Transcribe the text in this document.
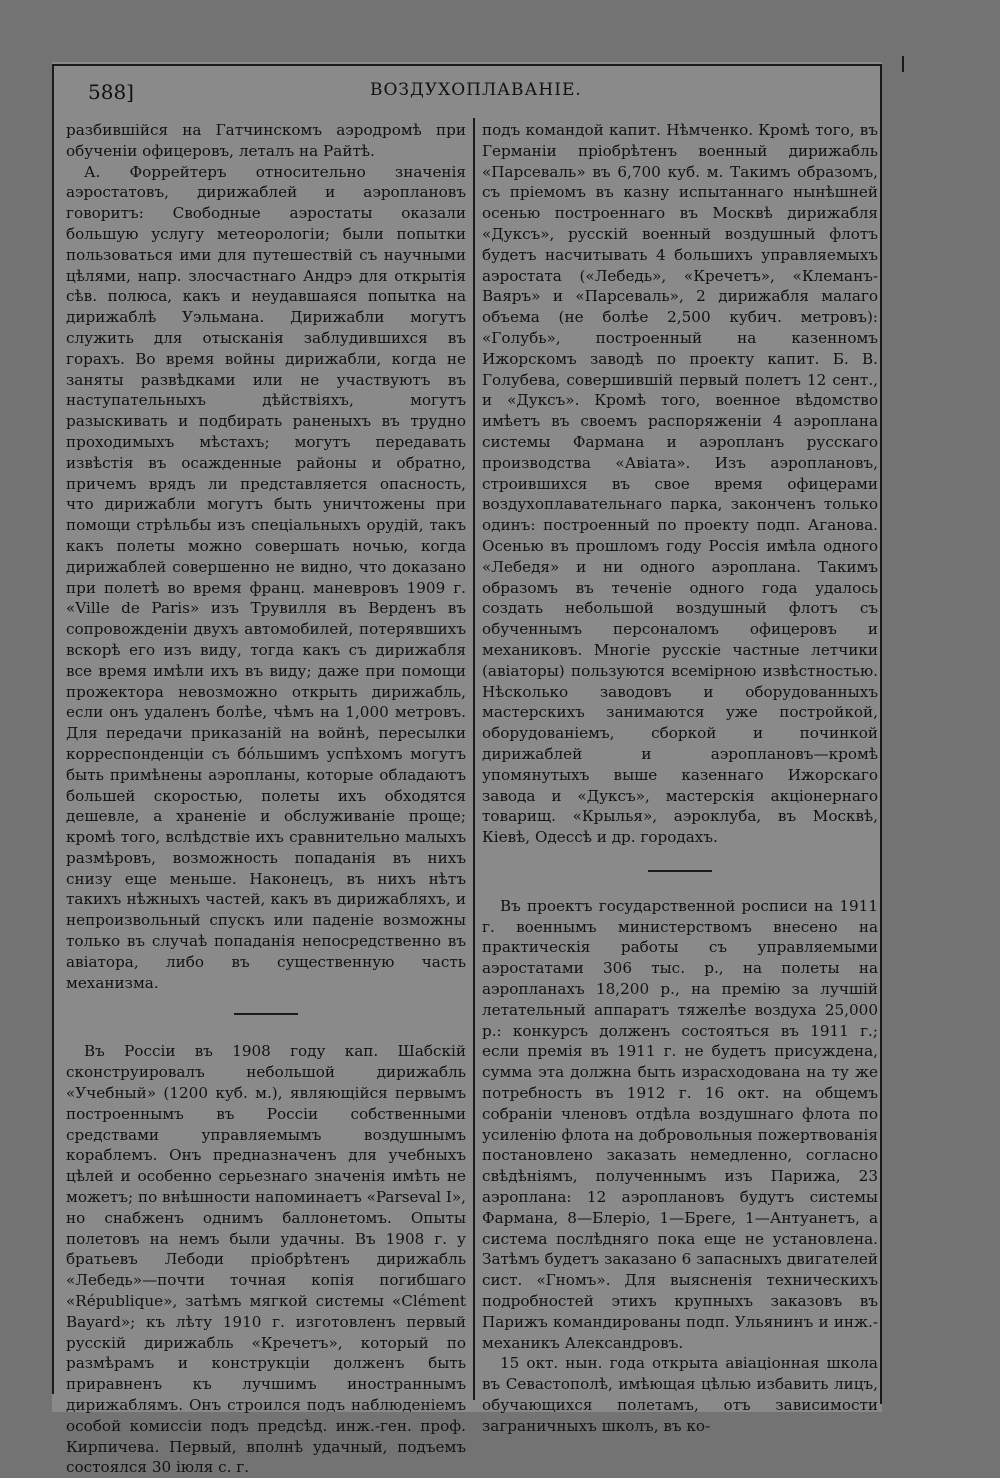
588]	ВОЗДУХОПЛАВАНІЕ.

разбившійся на Гатчинскомъ аэродромѣ при обученіи офицеровъ, леталъ на Райтѣ.

А. Форрейтеръ относительно значенія аэростатовъ, дирижаблей и аэроплановъ говоритъ: Свободные аэростаты оказали большую услугу метеорологіи; были попытки пользоваться ими для путешествій съ научными цѣлями, напр. злосчастнаго Андрэ для открытія сѣв. полюса, какъ и неудавшаяся попытка на дирижаблѣ Уэльмана. Дирижабли могутъ служить для отысканія заблудившихся въ горахъ. Во время войны дирижабли, когда не заняты развѣдками или не участвуютъ въ наступательныхъ дѣйствіяхъ, могутъ разыскивать и подбирать раненыхъ въ трудно проходимыхъ мѣстахъ; могутъ передавать извѣстія въ осажденные районы и обратно, причемъ врядъ ли представляется опасность, что дирижабли могутъ быть уничтожены при помощи стрѣльбы изъ спеціальныхъ орудій, такъ какъ полеты можно совершать ночью, когда дирижаблей совершенно не видно, что доказано при полетѣ во время франц. маневровъ 1909 г. «Ville de Paris» изъ Трувилля въ Верденъ въ сопровожденіи двухъ автомобилей, потерявшихъ вскорѣ его изъ виду, тогда какъ съ дирижабля все время имѣли ихъ въ виду; даже при помощи прожектора невозможно открыть дирижабль, если онъ удаленъ болѣе, чѣмъ на 1,000 метровъ. Для передачи приказаній на войнѣ, пересылки корреспонденціи съ бóльшимъ успѣхомъ могутъ быть примѣнены аэропланы, которые обладаютъ большей скоростью, полеты ихъ обходятся дешевле, а храненіе и обслуживаніе проще; кромѣ того, вслѣдствіе ихъ сравнительно малыхъ размѣровъ, возможность попаданія въ нихъ снизу еще меньше. Наконецъ, въ нихъ нѣтъ такихъ нѣжныхъ частей, какъ въ дирижабляхъ, и непроизвольный спускъ или паденіе возможны только въ случаѣ попаданія непосредственно въ авіатора, либо въ существенную часть механизма.

Въ Россіи въ 1908 году кап. Шабскій сконструировалъ небольшой дирижабль «Учебный» (1200 куб. м.), являющійся первымъ построеннымъ въ Россіи собственными средствами управляемымъ воздушнымъ кораблемъ. Онъ предназначенъ для учебныхъ цѣлей и особенно серьезнаго значенія имѣть не можетъ; по внѣшности напоминаетъ «Parseval I», но снабженъ однимъ баллонетомъ. Опыты полетовъ на немъ были удачны. Въ 1908 г. у братьевъ Лебоди пріобрѣтенъ дирижабль «Лебедь»—почти точная копія погибшаго «République», затѣмъ мягкой системы «Clément Bayard»; къ лѣту 1910 г. изготовленъ первый русскій дирижабль «Кречетъ», который по размѣрамъ и конструкціи долженъ быть приравненъ къ лучшимъ иностраннымъ дирижаблямъ. Онъ строился подъ наблюденіемъ особой комиссіи подъ предсѣд. инж.-ген. проф. Кирпичева. Первый, вполнѣ удачный, подъемъ состоялся 30 іюля с. г.

подъ командой капит. Нѣмченко. Кромѣ того, въ Германіи пріобрѣтенъ военный дирижабль «Парсеваль» въ 6,700 куб. м. Такимъ образомъ, съ пріемомъ въ казну испытаннаго нынѣшней осенью построеннаго въ Москвѣ дирижабля «Дуксъ», русскій военный воздушный флотъ будетъ насчитывать 4 большихъ управляемыхъ аэростата («Лебедь», «Кречетъ», «Клеманъ-Ваяръ» и «Парсеваль», 2 дирижабля малаго объема (не болѣе 2,500 кубич. метровъ): «Голубь», построенный на казенномъ Ижорскомъ заводѣ по проекту капит. Б. В. Голубева, совершившій первый полетъ 12 сент., и «Дуксъ». Кромѣ того, военное вѣдомство имѣетъ въ своемъ распоряженіи 4 аэроплана системы Фармана и аэропланъ русскаго производства «Авіата». Изъ аэроплановъ, строившихся въ свое время офицерами воздухоплавательнаго парка, законченъ только одинъ: построенный по проекту подп. Аганова. Осенью въ прошломъ году Россія имѣла одного «Лебедя» и ни одного аэроплана. Такимъ образомъ въ теченіе одного года удалось создать небольшой воздушный флотъ съ обученнымъ персоналомъ офицеровъ и механиковъ. Многіе русскіе частные летчики (авіаторы) пользуются всемірною извѣстностью. Нѣсколько заводовъ и оборудованныхъ мастерскихъ занимаются уже постройкой, оборудованіемъ, сборкой и починкой дирижаблей и аэроплановъ—кромѣ упомянутыхъ выше казеннаго Ижорскаго завода и «Дуксъ», мастерскія акціонернаго товарищ. «Крылья», аэроклуба, въ Москвѣ, Кіевѣ, Одессѣ и др. городахъ.

Въ проектъ государственной росписи на 1911 г. военнымъ министерствомъ внесено на практическія работы съ управляемыми аэростатами 306 тыс. р., на полеты на аэропланахъ 18,200 р., на премію за лучшій летательный аппаратъ тяжелѣе воздуха 25,000 р.: конкурсъ долженъ состояться въ 1911 г.; если премія въ 1911 г. не будетъ присуждена, сумма эта должна быть израсходована на ту же потребность въ 1912 г. 16 окт. на общемъ собраніи членовъ отдѣла воздушнаго флота по усиленію флота на добровольныя пожертвованія постановлено заказать немедленно, согласно свѣдѣніямъ, полученнымъ изъ Парижа, 23 аэроплана: 12 аэроплановъ будутъ системы Фармана, 8—Блеріо, 1—Бреге, 1—Антуанетъ, а система послѣдняго пока еще не установлена. Затѣмъ будетъ заказано 6 запасныхъ двигателей сист. «Гномъ». Для выясненія техническихъ подробностей этихъ крупныхъ заказовъ въ Парижъ командированы подп. Ульянинъ и инж.-механикъ Александровъ.

15 окт. нын. года открыта авіаціонная школа въ Севастополѣ, имѣющая цѣлью избавить лицъ, обучающихся полетамъ, отъ зависимости заграничныхъ школъ, въ ко-
